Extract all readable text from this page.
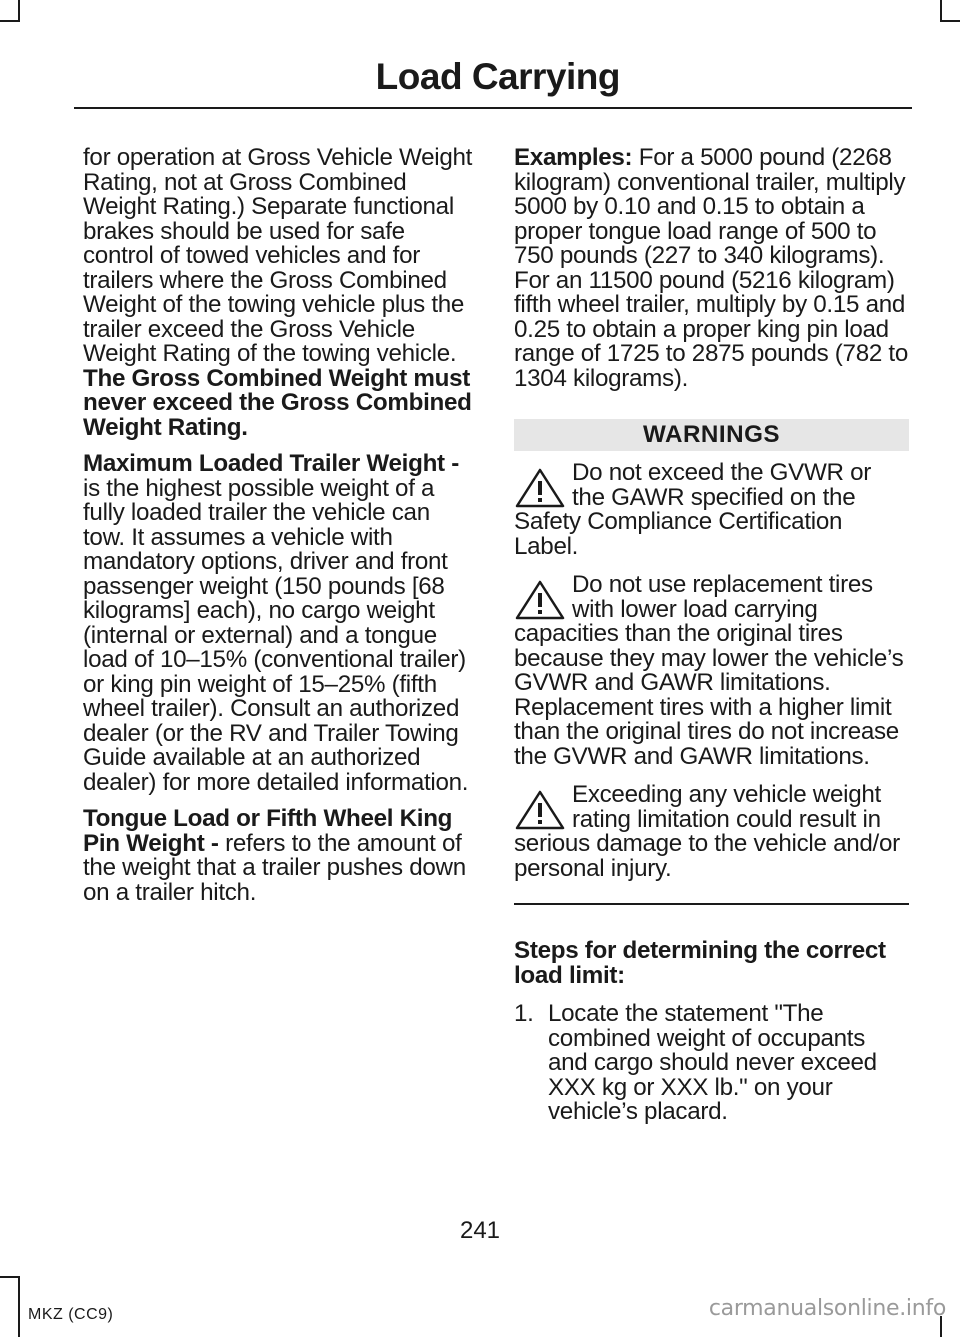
Load Carrying

for operation at Gross Vehicle Weight Rating, not at Gross Combined Weight Rating.) Separate functional brakes should be used for safe control of towed vehicles and for trailers where the Gross Combined Weight of the towing vehicle plus the trailer exceed the Gross Vehicle Weight Rating of the towing vehicle. The Gross Combined Weight must never exceed the Gross Combined Weight Rating.

Maximum Loaded Trailer Weight - is the highest possible weight of a fully loaded trailer the vehicle can tow. It assumes a vehicle with mandatory options, driver and front passenger weight (150 pounds [68 kilograms] each), no cargo weight (internal or external) and a tongue load of 10–15% (conventional trailer) or king pin weight of 15–25% (fifth wheel trailer). Consult an authorized dealer (or the RV and Trailer Towing Guide available at an authorized dealer) for more detailed information.

Tongue Load or Fifth Wheel King Pin Weight - refers to the amount of the weight that a trailer pushes down on a trailer hitch.

Examples: For a 5000 pound (2268 kilogram) conventional trailer, multiply 5000 by 0.10 and 0.15 to obtain a proper tongue load range of 500 to 750 pounds (227 to 340 kilograms). For an 11500 pound (5216 kilogram) fifth wheel trailer, multiply by 0.15 and 0.25 to obtain a proper king pin load range of 1725 to 2875 pounds (782 to 1304 kilograms).

WARNINGS
Do not exceed the GVWR or the GAWR specified on the Safety Compliance Certification Label.
Do not use replacement tires with lower load carrying capacities than the original tires because they may lower the vehicle’s GVWR and GAWR limitations. Replacement tires with a higher limit than the original tires do not increase the GVWR and GAWR limitations.
Exceeding any vehicle weight rating limitation could result in serious damage to the vehicle and/or personal injury.
Steps for determining the correct load limit:
1. Locate the statement "The combined weight of occupants and cargo should never exceed XXX kg or XXX lb." on your vehicle’s placard.
241
MKZ (CC9)	carmanualsonline.info
